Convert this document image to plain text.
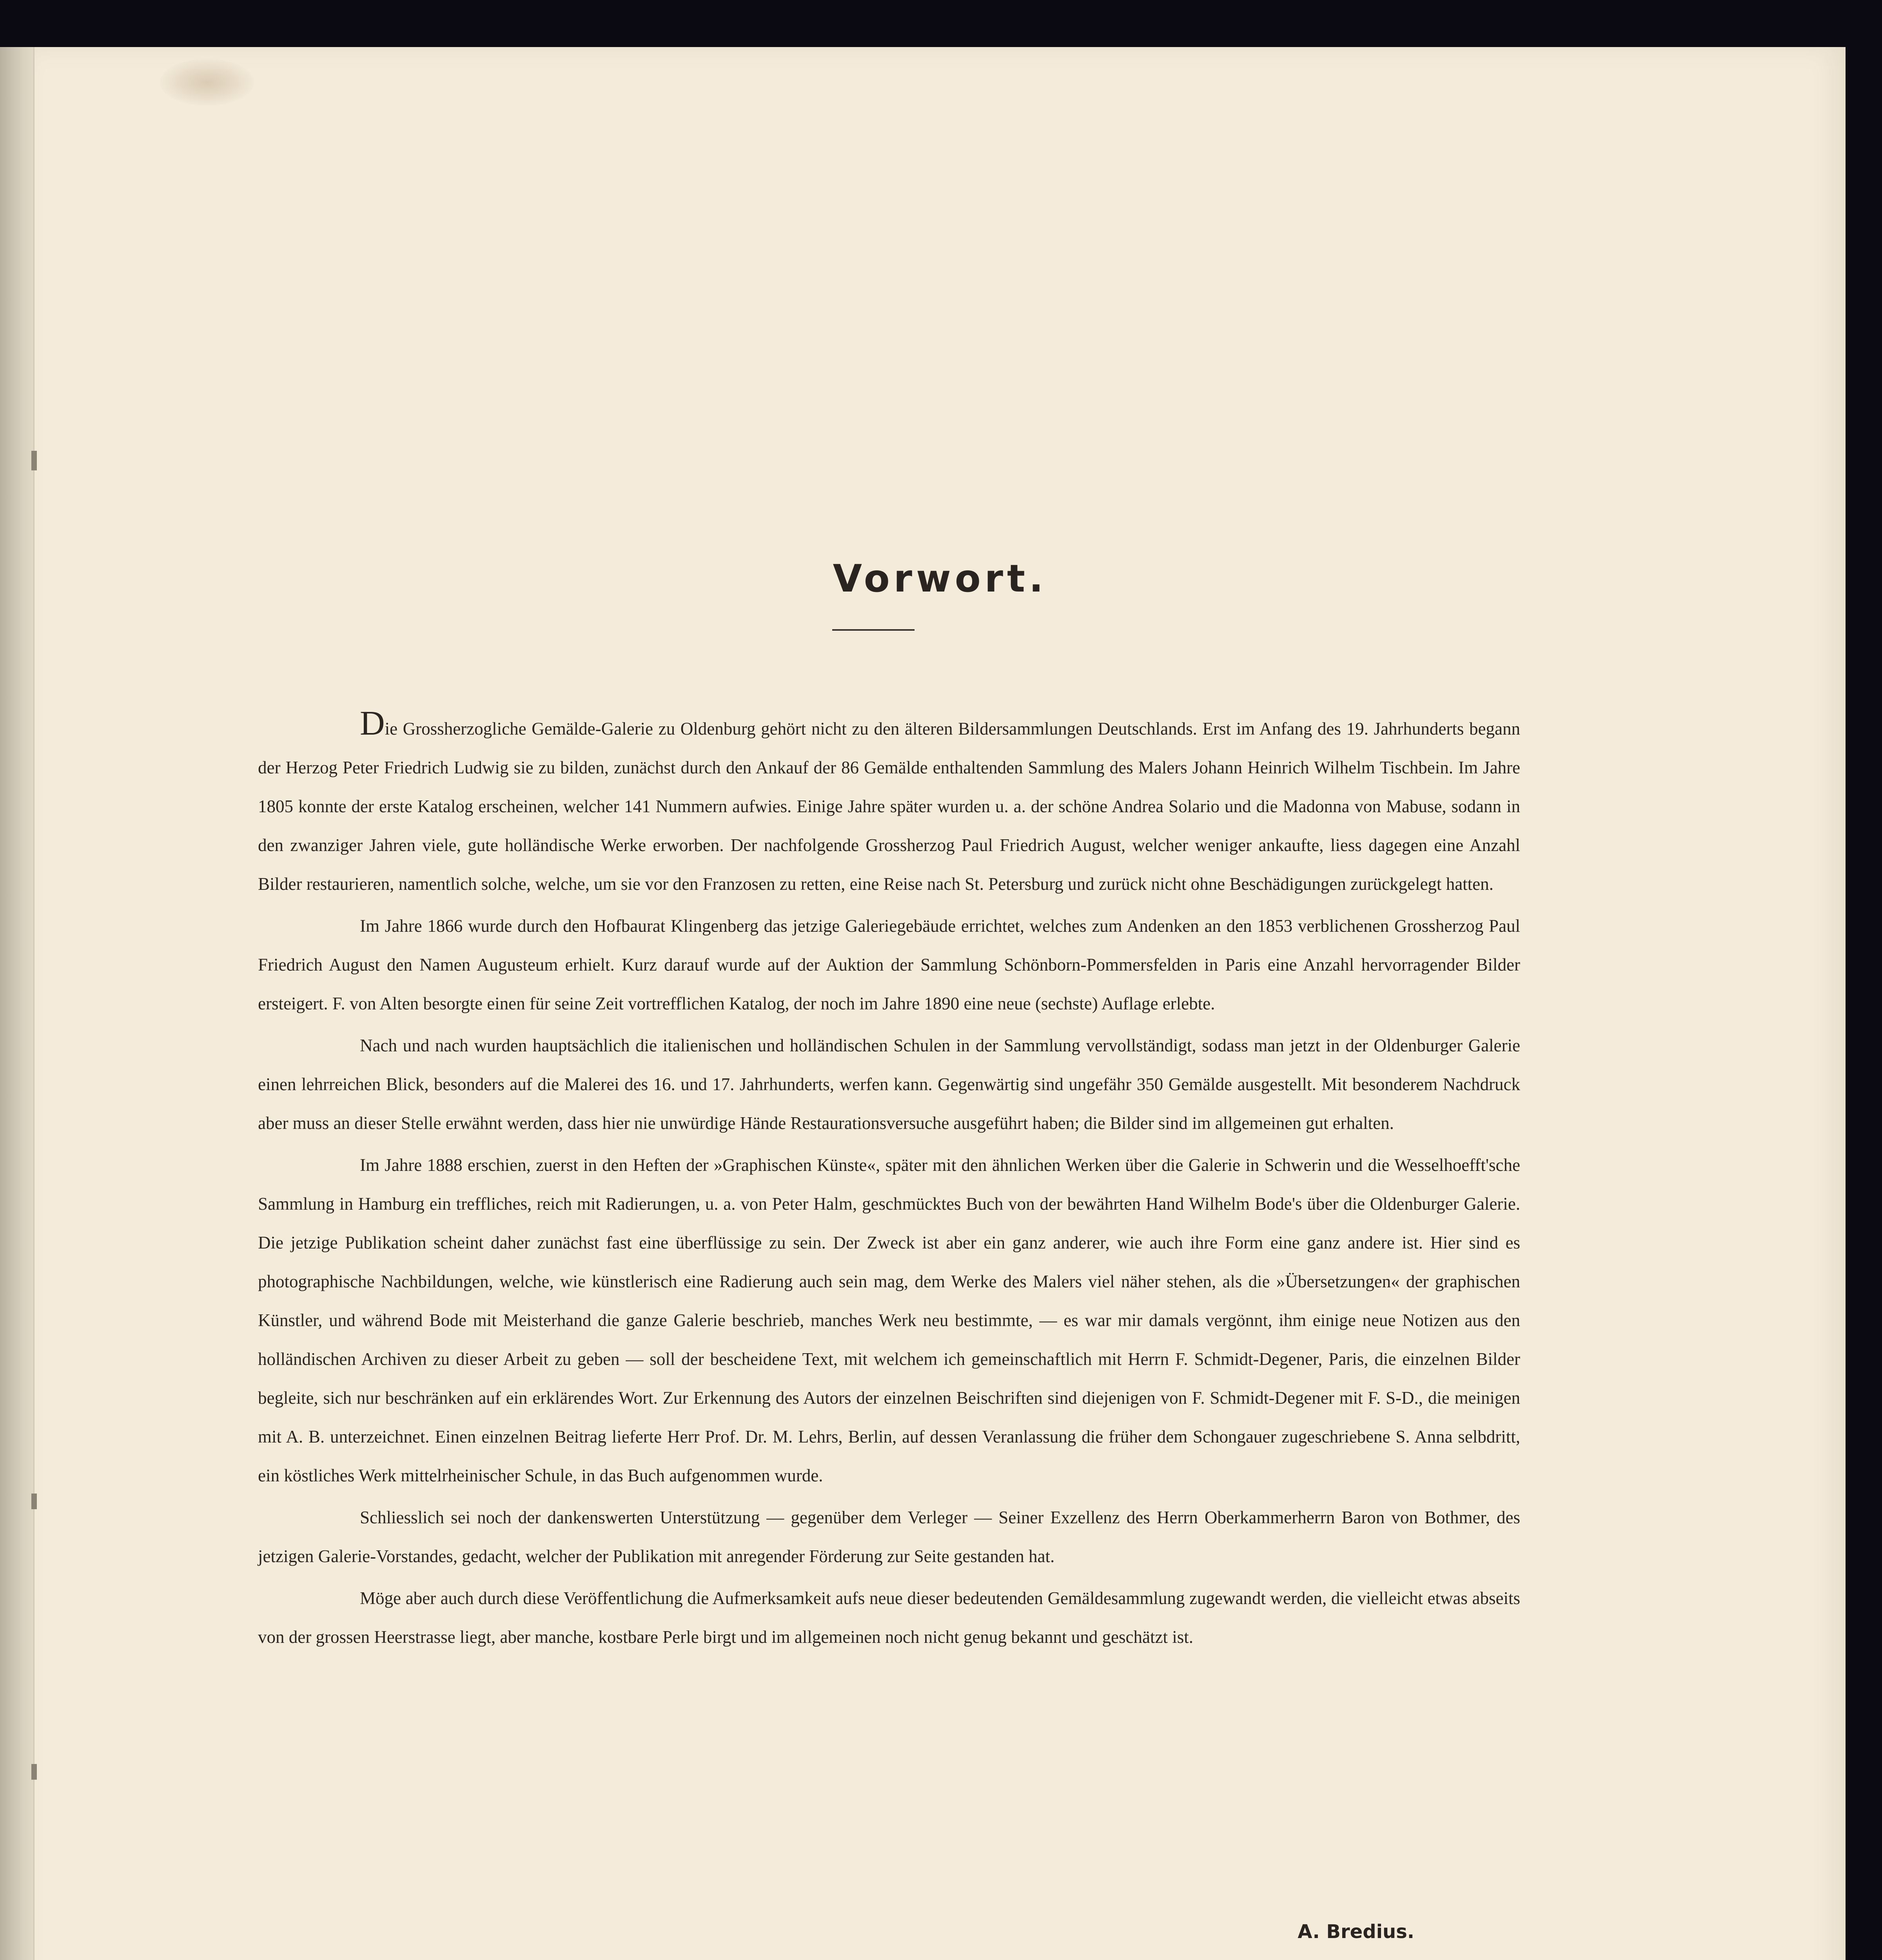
Vorwort.

Die Grossherzogliche Gemälde-Galerie zu Oldenburg gehört nicht zu den älteren Bildersammlungen Deutschlands. Erst im Anfang des 19. Jahrhunderts begann der Herzog Peter Friedrich Ludwig sie zu bilden, zunächst durch den Ankauf der 86 Gemälde enthaltenden Sammlung des Malers Johann Heinrich Wilhelm Tischbein. Im Jahre 1805 konnte der erste Katalog erscheinen, welcher 141 Nummern aufwies. Einige Jahre später wurden u. a. der schöne Andrea Solario und die Madonna von Mabuse, sodann in den zwanziger Jahren viele, gute holländische Werke erworben. Der nachfolgende Grossherzog Paul Friedrich August, welcher weniger ankaufte, liess dagegen eine Anzahl Bilder restaurieren, namentlich solche, welche, um sie vor den Franzosen zu retten, eine Reise nach St. Petersburg und zurück nicht ohne Beschädigungen zurückgelegt hatten.

Im Jahre 1866 wurde durch den Hofbaurat Klingenberg das jetzige Galeriegebäude errichtet, welches zum Andenken an den 1853 verblichenen Grossherzog Paul Friedrich August den Namen Augusteum erhielt. Kurz darauf wurde auf der Auktion der Sammlung Schönborn-Pommersfelden in Paris eine Anzahl hervorragender Bilder ersteigert. F. von Alten besorgte einen für seine Zeit vortrefflichen Katalog, der noch im Jahre 1890 eine neue (sechste) Auflage erlebte.

Nach und nach wurden hauptsächlich die italienischen und holländischen Schulen in der Sammlung vervollständigt, sodass man jetzt in der Oldenburger Galerie einen lehrreichen Blick, besonders auf die Malerei des 16. und 17. Jahrhunderts, werfen kann. Gegenwärtig sind ungefähr 350 Gemälde ausgestellt. Mit besonderem Nachdruck aber muss an dieser Stelle erwähnt werden, dass hier nie unwürdige Hände Restaurationsversuche ausgeführt haben; die Bilder sind im allgemeinen gut erhalten.

Im Jahre 1888 erschien, zuerst in den Heften der »Graphischen Künste«, später mit den ähnlichen Werken über die Galerie in Schwerin und die Wesselhoefft'sche Sammlung in Hamburg ein treffliches, reich mit Radierungen, u. a. von Peter Halm, geschmücktes Buch von der bewährten Hand Wilhelm Bode's über die Oldenburger Galerie. Die jetzige Publikation scheint daher zunächst fast eine überflüssige zu sein. Der Zweck ist aber ein ganz anderer, wie auch ihre Form eine ganz andere ist. Hier sind es photographische Nachbildungen, welche, wie künstlerisch eine Radierung auch sein mag, dem Werke des Malers viel näher stehen, als die »Übersetzungen« der graphischen Künstler, und während Bode mit Meisterhand die ganze Galerie beschrieb, manches Werk neu bestimmte, — es war mir damals vergönnt, ihm einige neue Notizen aus den holländischen Archiven zu dieser Arbeit zu geben — soll der bescheidene Text, mit welchem ich gemeinschaftlich mit Herrn F. Schmidt-Degener, Paris, die einzelnen Bilder begleite, sich nur beschränken auf ein erklärendes Wort. Zur Erkennung des Autors der einzelnen Beischriften sind diejenigen von F. Schmidt-Degener mit F. S-D., die meinigen mit A. B. unterzeichnet. Einen einzelnen Beitrag lieferte Herr Prof. Dr. M. Lehrs, Berlin, auf dessen Veranlassung die früher dem Schongauer zugeschriebene S. Anna selbdritt, ein köstliches Werk mittelrheinischer Schule, in das Buch aufgenommen wurde.

Schliesslich sei noch der dankenswerten Unterstützung — gegenüber dem Verleger — Seiner Exzellenz des Herrn Oberkammerherrn Baron von Bothmer, des jetzigen Galerie-Vorstandes, gedacht, welcher der Publikation mit anregender Förderung zur Seite gestanden hat.

Möge aber auch durch diese Veröffentlichung die Aufmerksamkeit aufs neue dieser bedeutenden Gemäldesammlung zugewandt werden, die vielleicht etwas abseits von der grossen Heerstrasse liegt, aber manche, kostbare Perle birgt und im allgemeinen noch nicht genug bekannt und geschätzt ist.

A. Bredius.
